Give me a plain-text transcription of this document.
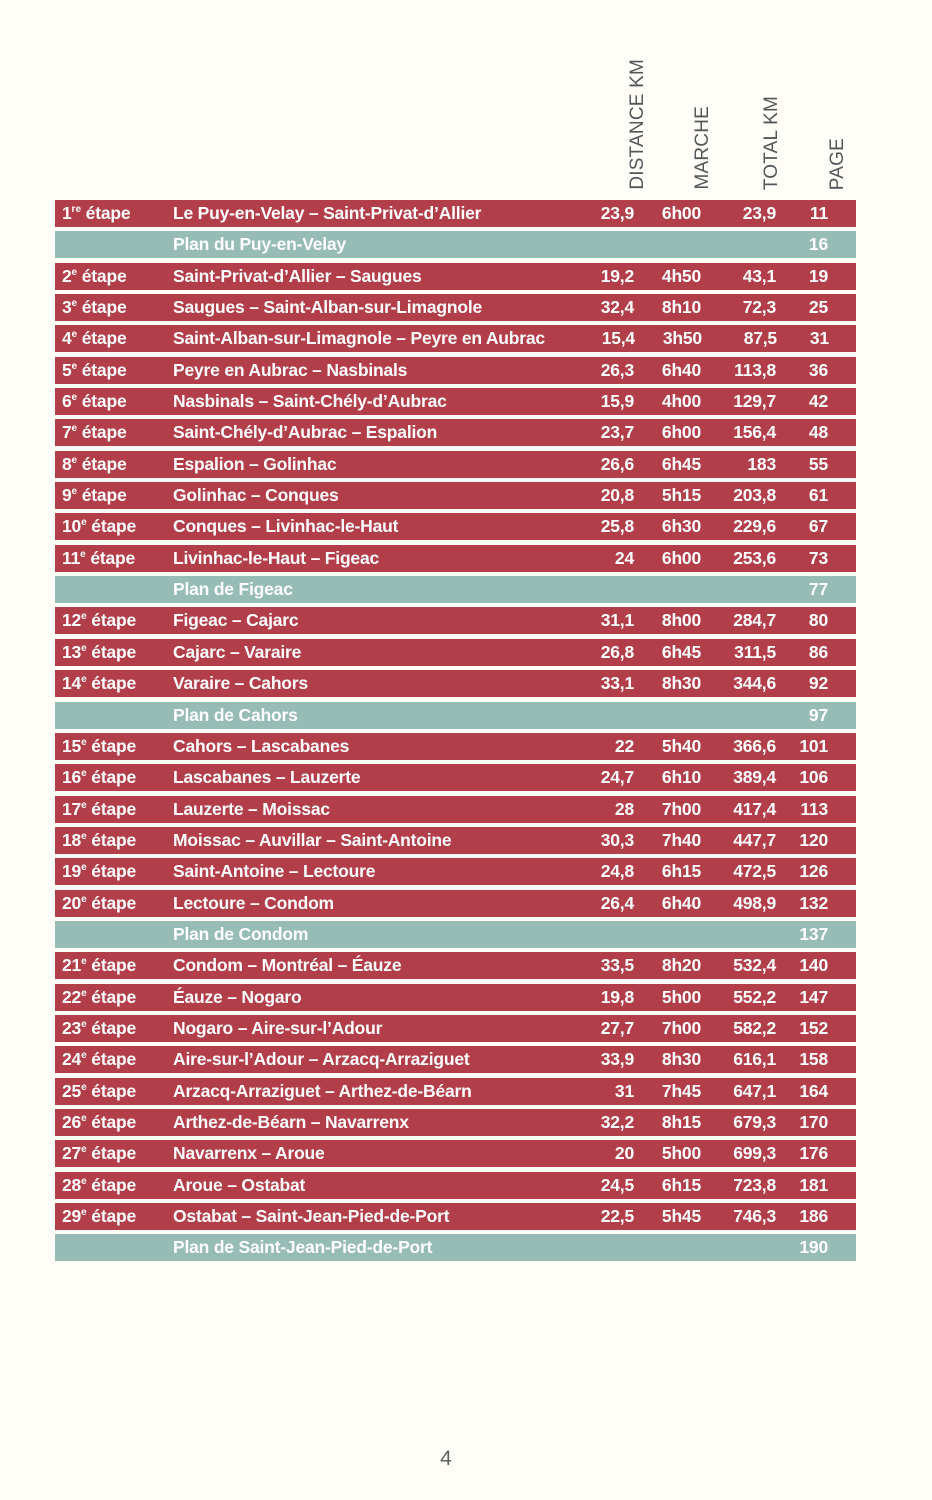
DISTANCE KM MARCHE	TOTAL KM PAGE
1re étape	Le Puy-en-Velay – Saint-Privat-d’Allier	23,9	6h00	23,9	11
Plan du Puy-en-Velay	16
2e étape	Saint-Privat-d’Allier – Saugues	19,2	4h50	43,1	19
3e étape	Saugues – Saint-Alban-sur-Limagnole	32,4	8h10	72,3	25
4e étape	Saint-Alban-sur-Limagnole – Peyre en Aubrac	15,4	3h50	87,5	31
5e étape	Peyre en Aubrac – Nasbinals	26,3	6h40	113,8	36
6e étape	Nasbinals – Saint-Chély-d’Aubrac	15,9	4h00	129,7	42
7e étape	Saint-Chély-d’Aubrac – Espalion	23,7	6h00	156,4	48
8e étape	Espalion – Golinhac	26,6	6h45	183	55
9e étape	Golinhac – Conques	20,8	5h15	203,8	61
10e étape	Conques – Livinhac-le-Haut	25,8	6h30	229,6	67
11e étape	Livinhac-le-Haut – Figeac	24	6h00	253,6	73
Plan de Figeac	77
12e étape	Figeac – Cajarc	31,1	8h00	284,7	80
13e étape	Cajarc – Varaire	26,8	6h45	311,5	86
14e étape	Varaire – Cahors	33,1	8h30	344,6	92
Plan de Cahors	97
15e étape	Cahors – Lascabanes	22	5h40	366,6	101
16e étape	Lascabanes – Lauzerte	24,7	6h10	389,4	106
17e étape	Lauzerte – Moissac	28	7h00	417,4	113
18e étape	Moissac – Auvillar – Saint-Antoine	30,3	7h40	447,7	120
19e étape	Saint-Antoine – Lectoure	24,8	6h15	472,5	126
20e étape	Lectoure – Condom	26,4	6h40	498,9	132
Plan de Condom	137
21e étape	Condom – Montréal – Éauze	33,5	8h20	532,4	140
22e étape	Éauze – Nogaro	19,8	5h00	552,2	147
23e étape	Nogaro – Aire-sur-l’Adour	27,7	7h00	582,2	152
24e étape	Aire-sur-l’Adour – Arzacq-Arraziguet	33,9	8h30	616,1	158
25e étape	Arzacq-Arraziguet – Arthez-de-Béarn	31	7h45	647,1	164
26e étape	Arthez-de-Béarn – Navarrenx	32,2	8h15	679,3	170
27e étape	Navarrenx – Aroue	20	5h00	699,3	176
28e étape	Aroue – Ostabat	24,5	6h15	723,8	181
29e étape	Ostabat – Saint-Jean-Pied-de-Port	22,5	5h45	746,3	186
Plan de Saint-Jean-Pied-de-Port	190
4
